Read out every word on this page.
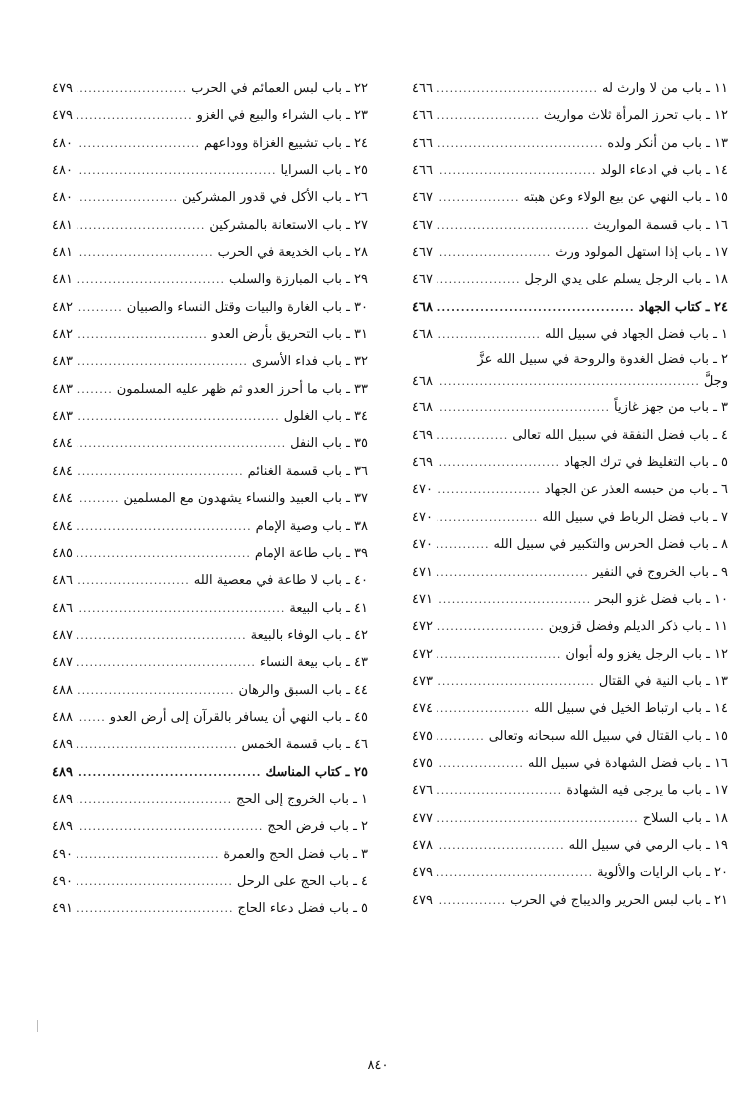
١١ ـ باب من لا وارث له
.....
٤٦٦
١٢ ـ باب تحرز المرأة ثلاث مواريث
.....
٤٦٦
١٣ ـ باب من أنكر ولده
.....
٤٦٦
١٤ ـ باب في ادعاء الولد
.....
٤٦٦
١٥ ـ باب النهي عن بيع الولاء وعن هبته
.....
٤٦٧
١٦ ـ باب قسمة المواريث
.....
٤٦٧
١٧ ـ باب إذا استهل المولود ورث
.....
٤٦٧
١٨ ـ باب الرجل يسلم على يدي الرجل
.....
٤٦٧
٢٤ ـ كتاب الجهاد
.....
٤٦٨
١ ـ باب فضل الجهاد في سبيل الله
.....
٤٦٨
٢ ـ باب فضل الغدوة والروحة في سبيل الله عزَّ
وجلَّ
.....
٤٦٨
٣ ـ باب من جهز غازياً
.....
٤٦٨
٤ ـ باب فضل النفقة في سبيل الله تعالى
.....
٤٦٩
٥ ـ باب التغليظ في ترك الجهاد
.....
٤٦٩
٦ ـ باب من حبسه العذر عن الجهاد
.....
٤٧٠
٧ ـ باب فضل الرباط في سبيل الله
.....
٤٧٠
٨ ـ باب فضل الحرس والتكبير في سبيل الله
.....
٤٧٠
٩ ـ باب الخروج في النفير
.....
٤٧١
١٠ ـ باب فضل غزو البحر
.....
٤٧١
١١ ـ باب ذكر الديلم وفضل قزوين
.....
٤٧٢
١٢ ـ باب الرجل يغزو وله أبوان
.....
٤٧٢
١٣ ـ باب النية في القتال
.....
٤٧٣
١٤ ـ باب ارتباط الخيل في سبيل الله
.....
٤٧٤
١٥ ـ باب القتال في سبيل الله سبحانه وتعالى
.....
٤٧٥
١٦ ـ باب فضل الشهادة في سبيل الله
.....
٤٧٥
١٧ ـ باب ما يرجى فيه الشهادة
.....
٤٧٦
١٨ ـ باب السلاح
.....
٤٧٧
١٩ ـ باب الرمي في سبيل الله
.....
٤٧٨
٢٠ ـ باب الرايات والألوية
.....
٤٧٩
٢١ ـ باب لبس الحرير والديباج في الحرب
.....
٤٧٩
٢٢ ـ باب لبس العمائم في الحرب
.....
٤٧٩
٢٣ ـ باب الشراء والبيع في الغزو
.....
٤٧٩
٢٤ ـ باب تشييع الغزاة ووداعهم
.....
٤٨٠
٢٥ ـ باب السرايا
.....
٤٨٠
٢٦ ـ باب الأكل في قدور المشركين
.....
٤٨٠
٢٧ ـ باب الاستعانة بالمشركين
.....
٤٨١
٢٨ ـ باب الخديعة في الحرب
.....
٤٨١
٢٩ ـ باب المبارزة والسلب
.....
٤٨١
٣٠ ـ باب الغارة والبيات وقتل النساء والصبيان
.....
٤٨٢
٣١ ـ باب التحريق بأرض العدو
.....
٤٨٢
٣٢ ـ باب فداء الأسرى
.....
٤٨٣
٣٣ ـ باب ما أحرز العدو ثم ظهر عليه المسلمون
.....
٤٨٣
٣٤ ـ باب الغلول
.....
٤٨٣
٣٥ ـ باب النفل
.....
٤٨٤
٣٦ ـ باب قسمة الغنائم
.....
٤٨٤
٣٧ ـ باب العبيد والنساء يشهدون مع المسلمين
.....
٤٨٤
٣٨ ـ باب وصية الإمام
.....
٤٨٤
٣٩ ـ باب طاعة الإمام
.....
٤٨٥
٤٠ ـ باب لا طاعة في معصية الله
.....
٤٨٦
٤١ ـ باب البيعة
.....
٤٨٦
٤٢ ـ باب الوفاء بالبيعة
.....
٤٨٧
٤٣ ـ باب بيعة النساء
.....
٤٨٧
٤٤ ـ باب السبق والرهان
.....
٤٨٨
٤٥ ـ باب النهي أن يسافر بالقرآن إلى أرض العدو
.....
٤٨٨
٤٦ ـ باب قسمة الخمس
.....
٤٨٩
٢٥ ـ كتاب المناسك
.....
٤٨٩
١ ـ باب الخروج إلى الحج
.....
٤٨٩
٢ ـ باب فرض الحج
.....
٤٨٩
٣ ـ باب فضل الحج والعمرة
.....
٤٩٠
٤ ـ باب الحج على الرحل
.....
٤٩٠
٥ ـ باب فضل دعاء الحاج
.....
٤٩١
٨٤٠
